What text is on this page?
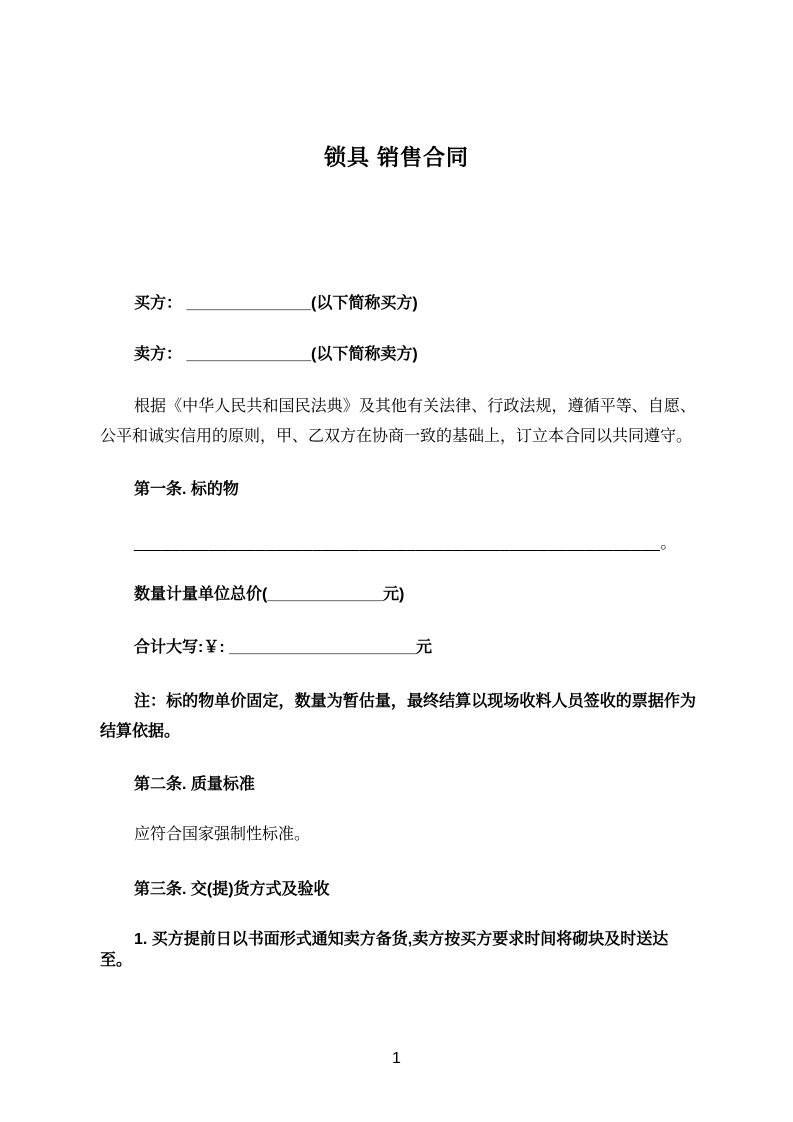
锁具 销售合同
买方： ______________(以下简称买方)
卖方： ______________(以下简称卖方)
根据《中华人民共和国民法典》及其他有关法律、行政法规，遵循平等、自愿、公平和诚实信用的原则，甲、乙双方在协商一致的基础上，订立本合同以共同遵守。
第一条. 标的物
________________________________________________________。
数量计量单位总价(_____________元)
合计大写:￥: _____________________元
注：标的物单价固定，数量为暂估量，最终结算以现场收料人员签收的票据作为结算依据。
第二条. 质量标准
应符合国家强制性标准。
第三条. 交(提)货方式及验收
1. 买方提前日以书面形式通知卖方备货,卖方按买方要求时间将砌块及时送达至。
1
